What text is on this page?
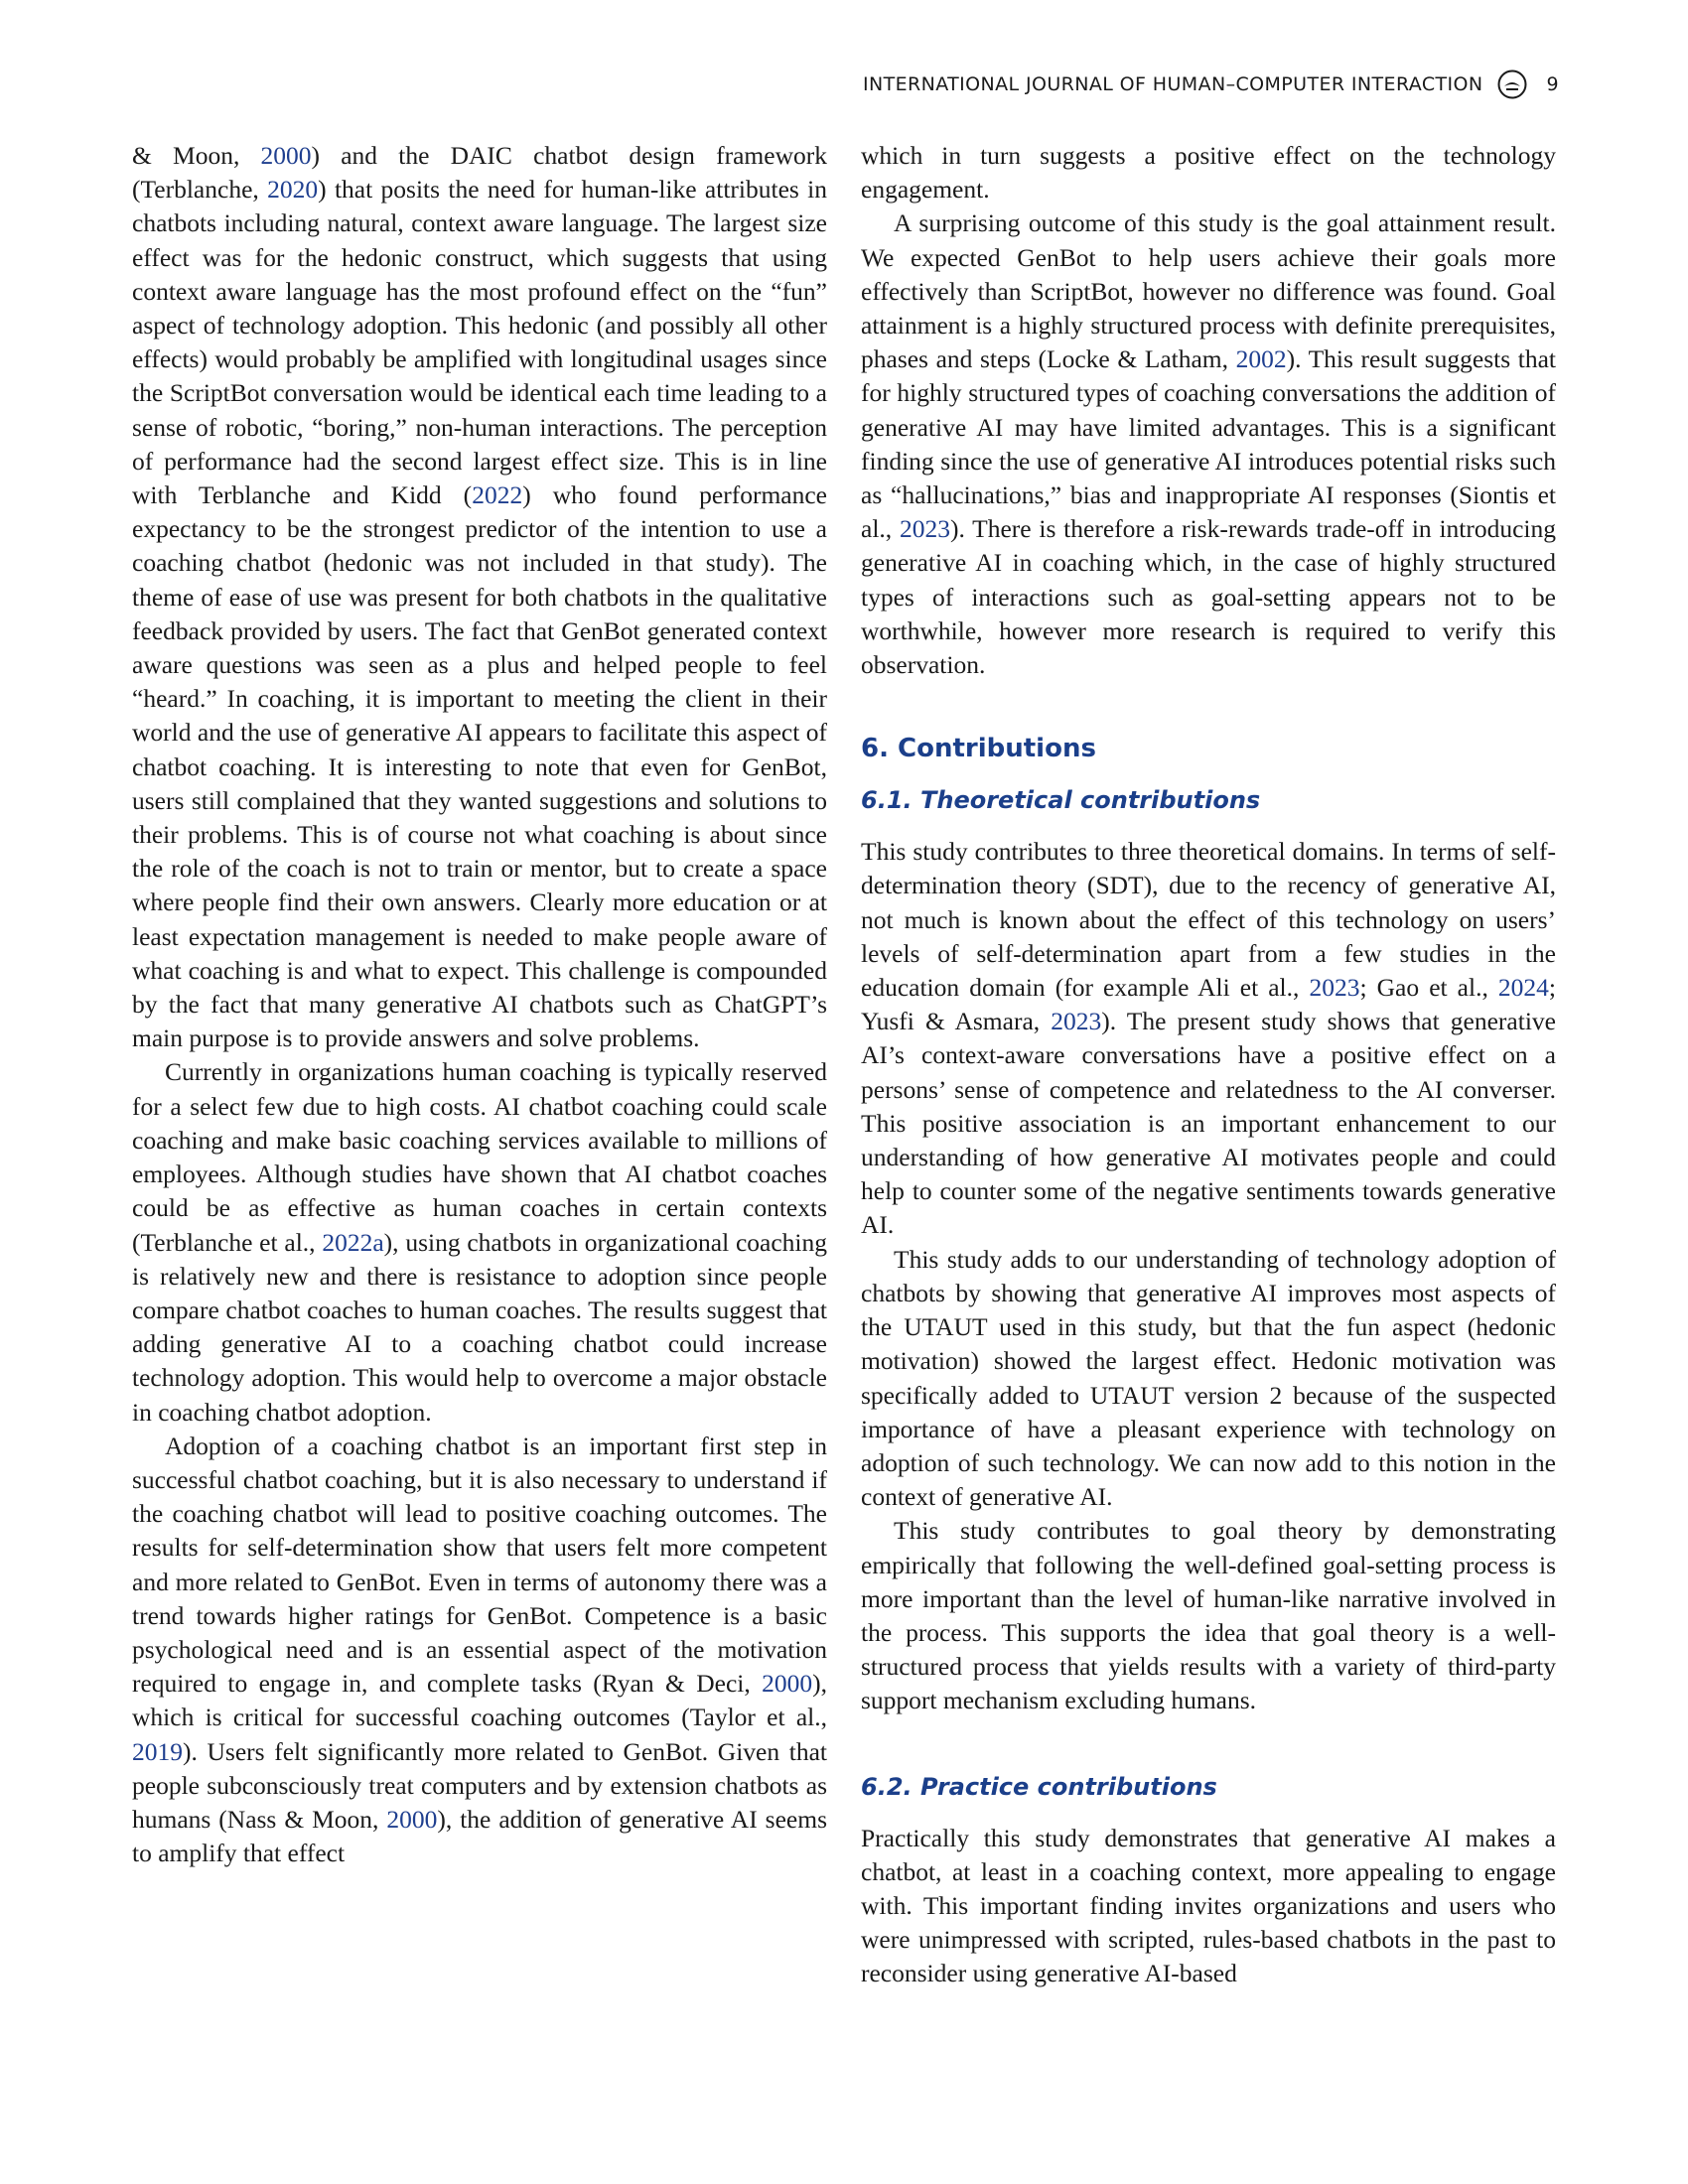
INTERNATIONAL JOURNAL OF HUMAN–COMPUTER INTERACTION	9

& Moon, 2000) and the DAIC chatbot design framework (Terblanche, 2020) that posits the need for human-like attributes in chatbots including natural, context aware language. The largest size effect was for the hedonic construct, which suggests that using context aware language has the most profound effect on the “fun” aspect of technology adoption. This hedonic (and possibly all other effects) would probably be amplified with longitudinal usages since the ScriptBot conversation would be identical each time leading to a sense of robotic, “boring,” non-human interactions. The perception of performance had the second largest effect size. This is in line with Terblanche and Kidd (2022) who found performance expectancy to be the strongest predictor of the intention to use a coaching chatbot (hedonic was not included in that study). The theme of ease of use was present for both chatbots in the qualitative feedback provided by users. The fact that GenBot generated context aware questions was seen as a plus and helped people to feel “heard.” In coaching, it is important to meeting the client in their world and the use of generative AI appears to facilitate this aspect of chatbot coaching. It is interesting to note that even for GenBot, users still complained that they wanted suggestions and solutions to their problems. This is of course not what coaching is about since the role of the coach is not to train or mentor, but to create a space where people find their own answers. Clearly more education or at least expectation management is needed to make people aware of what coaching is and what to expect. This challenge is compounded by the fact that many generative AI chatbots such as ChatGPT’s main purpose is to provide answers and solve problems.

Currently in organizations human coaching is typically reserved for a select few due to high costs. AI chatbot coaching could scale coaching and make basic coaching services available to millions of employees. Although studies have shown that AI chatbot coaches could be as effective as human coaches in certain contexts (Terblanche et al., 2022a), using chatbots in organizational coaching is relatively new and there is resistance to adoption since people compare chatbot coaches to human coaches. The results suggest that adding generative AI to a coaching chatbot could increase technology adoption. This would help to overcome a major obstacle in coaching chatbot adoption.

Adoption of a coaching chatbot is an important first step in successful chatbot coaching, but it is also necessary to understand if the coaching chatbot will lead to positive coaching outcomes. The results for self-determination show that users felt more competent and more related to GenBot. Even in terms of autonomy there was a trend towards higher ratings for GenBot. Competence is a basic psychological need and is an essential aspect of the motivation required to engage in, and complete tasks (Ryan & Deci, 2000), which is critical for successful coaching outcomes (Taylor et al., 2019). Users felt significantly more related to GenBot. Given that people subconsciously treat computers and by extension chatbots as humans (Nass & Moon, 2000), the addition of generative AI seems to amplify that effect

which in turn suggests a positive effect on the technology engagement.

A surprising outcome of this study is the goal attainment result. We expected GenBot to help users achieve their goals more effectively than ScriptBot, however no difference was found. Goal attainment is a highly structured process with definite prerequisites, phases and steps (Locke & Latham, 2002). This result suggests that for highly structured types of coaching conversations the addition of generative AI may have limited advantages. This is a significant finding since the use of generative AI introduces potential risks such as “hallucinations,” bias and inappropriate AI responses (Siontis et al., 2023). There is therefore a risk-rewards trade-off in introducing generative AI in coaching which, in the case of highly structured types of interactions such as goal-setting appears not to be worthwhile, however more research is required to verify this observation.

6. Contributions
6.1. Theoretical contributions

This study contributes to three theoretical domains. In terms of self-determination theory (SDT), due to the recency of generative AI, not much is known about the effect of this technology on users’ levels of self-determination apart from a few studies in the education domain (for example Ali et al., 2023; Gao et al., 2024; Yusfi & Asmara, 2023). The present study shows that generative AI’s context-aware conversations have a positive effect on a persons’ sense of competence and relatedness to the AI converser. This positive association is an important enhancement to our understanding of how generative AI motivates people and could help to counter some of the negative sentiments towards generative AI.

This study adds to our understanding of technology adoption of chatbots by showing that generative AI improves most aspects of the UTAUT used in this study, but that the fun aspect (hedonic motivation) showed the largest effect. Hedonic motivation was specifically added to UTAUT version 2 because of the suspected importance of have a pleasant experience with technology on adoption of such technology. We can now add to this notion in the context of generative AI.

This study contributes to goal theory by demonstrating empirically that following the well-defined goal-setting process is more important than the level of human-like narrative involved in the process. This supports the idea that goal theory is a well-structured process that yields results with a variety of third-party support mechanism excluding humans.

6.2. Practice contributions

Practically this study demonstrates that generative AI makes a chatbot, at least in a coaching context, more appealing to engage with. This important finding invites organizations and users who were unimpressed with scripted, rules-based chatbots in the past to reconsider using generative AI-based
